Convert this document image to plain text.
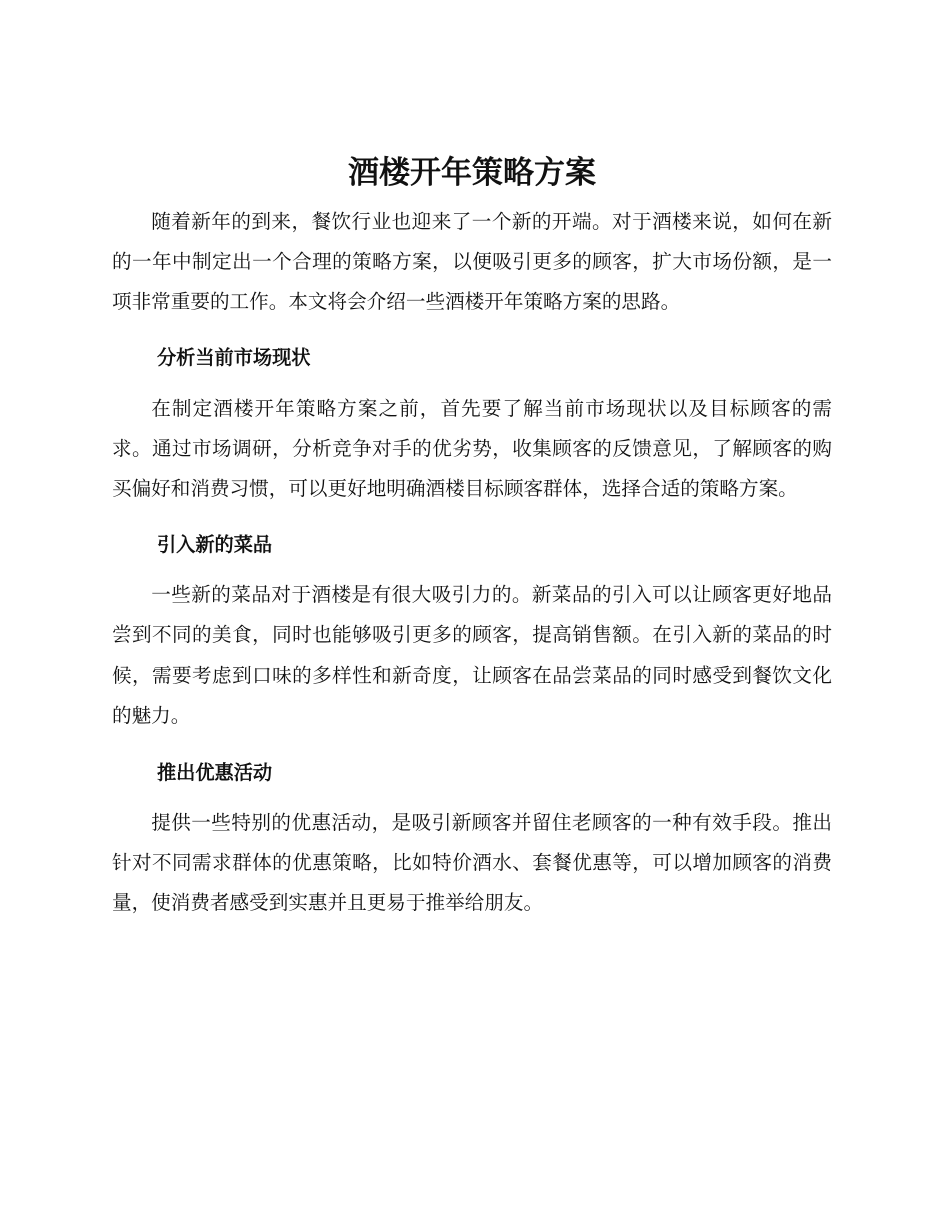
酒楼开年策略方案

随着新年的到来，餐饮行业也迎来了一个新的开端。对于酒楼来说，如何在新的一年中制定出一个合理的策略方案，以便吸引更多的顾客，扩大市场份额，是一项非常重要的工作。本文将会介绍一些酒楼开年策略方案的思路。

分析当前市场现状

在制定酒楼开年策略方案之前，首先要了解当前市场现状以及目标顾客的需求。通过市场调研，分析竞争对手的优劣势，收集顾客的反馈意见，了解顾客的购买偏好和消费习惯，可以更好地明确酒楼目标顾客群体，选择合适的策略方案。

引入新的菜品

一些新的菜品对于酒楼是有很大吸引力的。新菜品的引入可以让顾客更好地品尝到不同的美食，同时也能够吸引更多的顾客，提高销售额。在引入新的菜品的时候，需要考虑到口味的多样性和新奇度，让顾客在品尝菜品的同时感受到餐饮文化的魅力。

推出优惠活动

提供一些特别的优惠活动，是吸引新顾客并留住老顾客的一种有效手段。推出针对不同需求群体的优惠策略，比如特价酒水、套餐优惠等，可以增加顾客的消费量，使消费者感受到实惠并且更易于推举给朋友。
